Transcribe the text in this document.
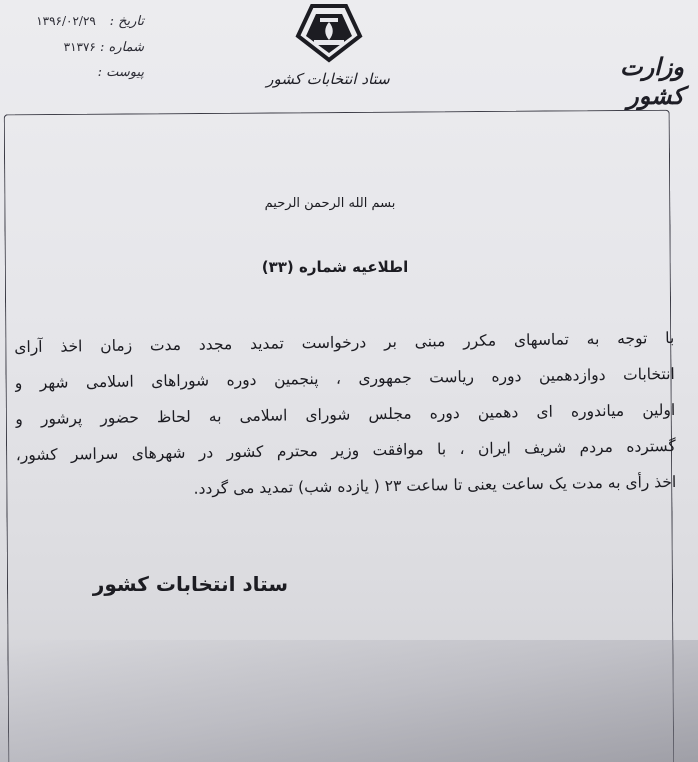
تاریخ : ۱۳۹۶/۰۲/۲۹
شماره : ۳۱۳۷۶
پیوست :	ستاد انتخابات کشور	وزارت کشور
بسم الله الرحمن الرحیم
اطلاعیه شماره (۳۳)
با توجه به تماسهای مکرر مبنی بر درخواست تمدید مجدد مدت زمان اخذ آرای
انتخابات دوازدهمین دوره ریاست جمهوری ، پنجمین دوره شوراهای اسلامی شهر و
اولین میاندوره ای دهمین دوره مجلس شورای اسلامی به لحاظ حضور پرشور و
گسترده مردم شریف ایران ، با موافقت وزیر محترم کشور در شهرهای سراسر کشور،
اخذ رأی به مدت یک ساعت یعنی تا ساعت ۲۳ ( یازده شب) تمدید می گردد.
ستاد انتخابات کشور
